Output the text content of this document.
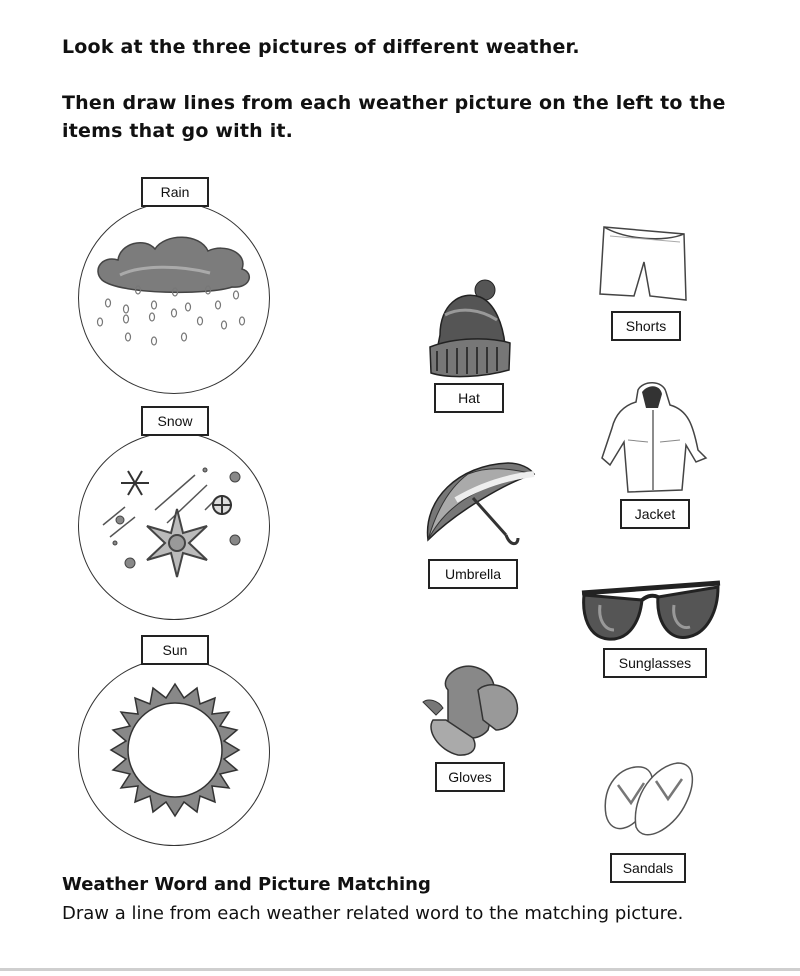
Look at the three pictures of different weather.
Then draw lines from each weather picture on the left to the
items that go with it.
Rain
Snow
Sun
Hat
Umbrella
Gloves
Shorts
Jacket
Sunglasses
Sandals
Weather Word and Picture Matching
Draw a line from each weather related word to the matching picture.
